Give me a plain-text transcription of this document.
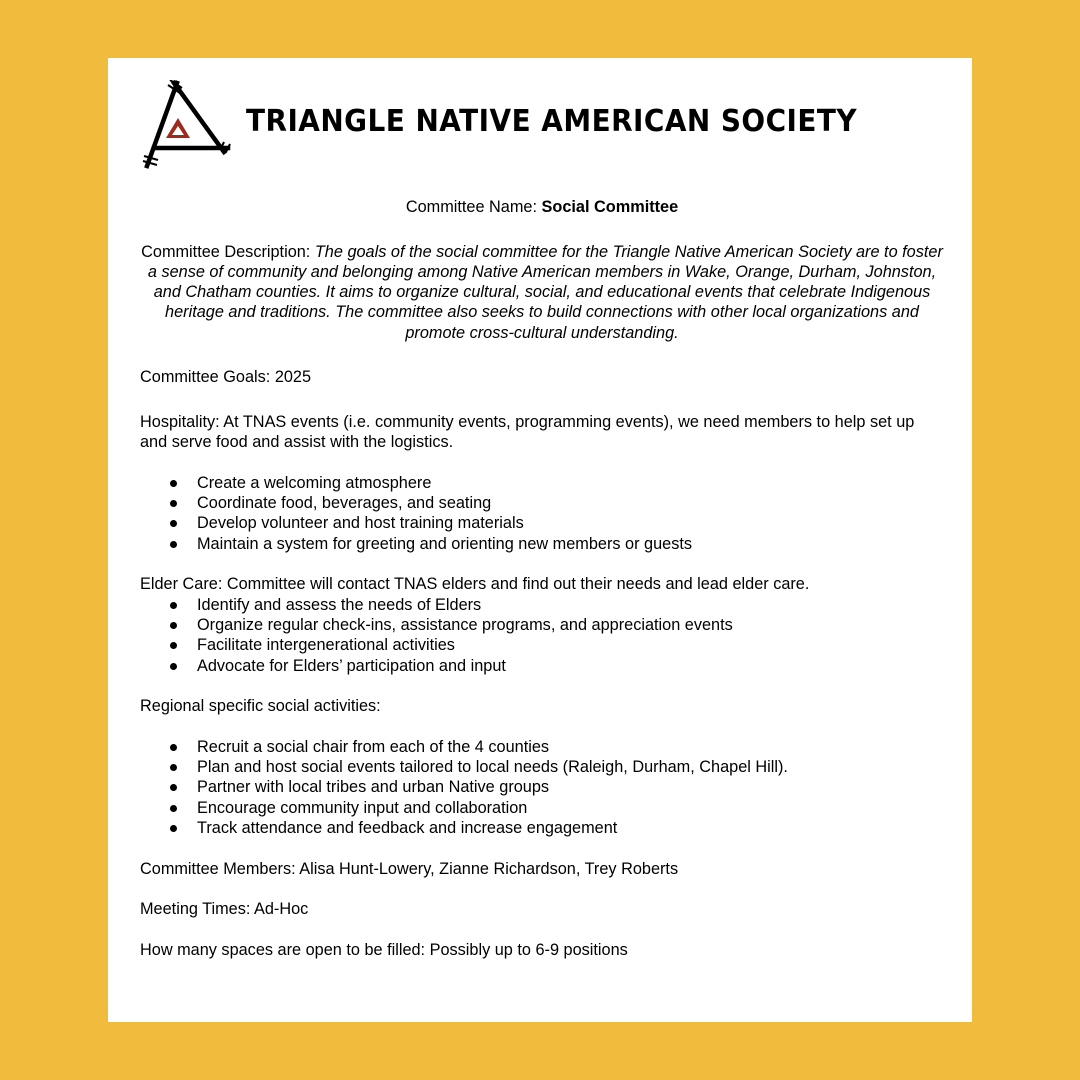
TRIANGLE NATIVE AMERICAN SOCIETY

Committee Name: Social Committee

Committee Description: The goals of the social committee for the Triangle Native American Society are to foster a sense of community and belonging among Native American members in Wake, Orange, Durham, Johnston, and Chatham counties. It aims to organize cultural, social, and educational events that celebrate Indigenous heritage and traditions. The committee also seeks to build connections with other local organizations and promote cross-cultural understanding.

Committee Goals: 2025

Hospitality: At TNAS events (i.e. community events, programming events), we need members to help set up and serve food and assist with the logistics.

Create a welcoming atmosphere
Coordinate food, beverages, and seating
Develop volunteer and host training materials
Maintain a system for greeting and orienting new members or guests

Elder Care: Committee will contact TNAS elders and find out their needs and lead elder care.

Identify and assess the needs of Elders
Organize regular check-ins, assistance programs, and appreciation events
Facilitate intergenerational activities
Advocate for Elders’ participation and input

Regional specific social activities:

Recruit a social chair from each of the 4 counties
Plan and host social events tailored to local needs (Raleigh, Durham, Chapel Hill).
Partner with local tribes and urban Native groups
Encourage community input and collaboration
Track attendance and feedback and increase engagement

Committee Members: Alisa Hunt-Lowery, Zianne Richardson, Trey Roberts

Meeting Times: Ad-Hoc

How many spaces are open to be filled: Possibly up to 6-9 positions
